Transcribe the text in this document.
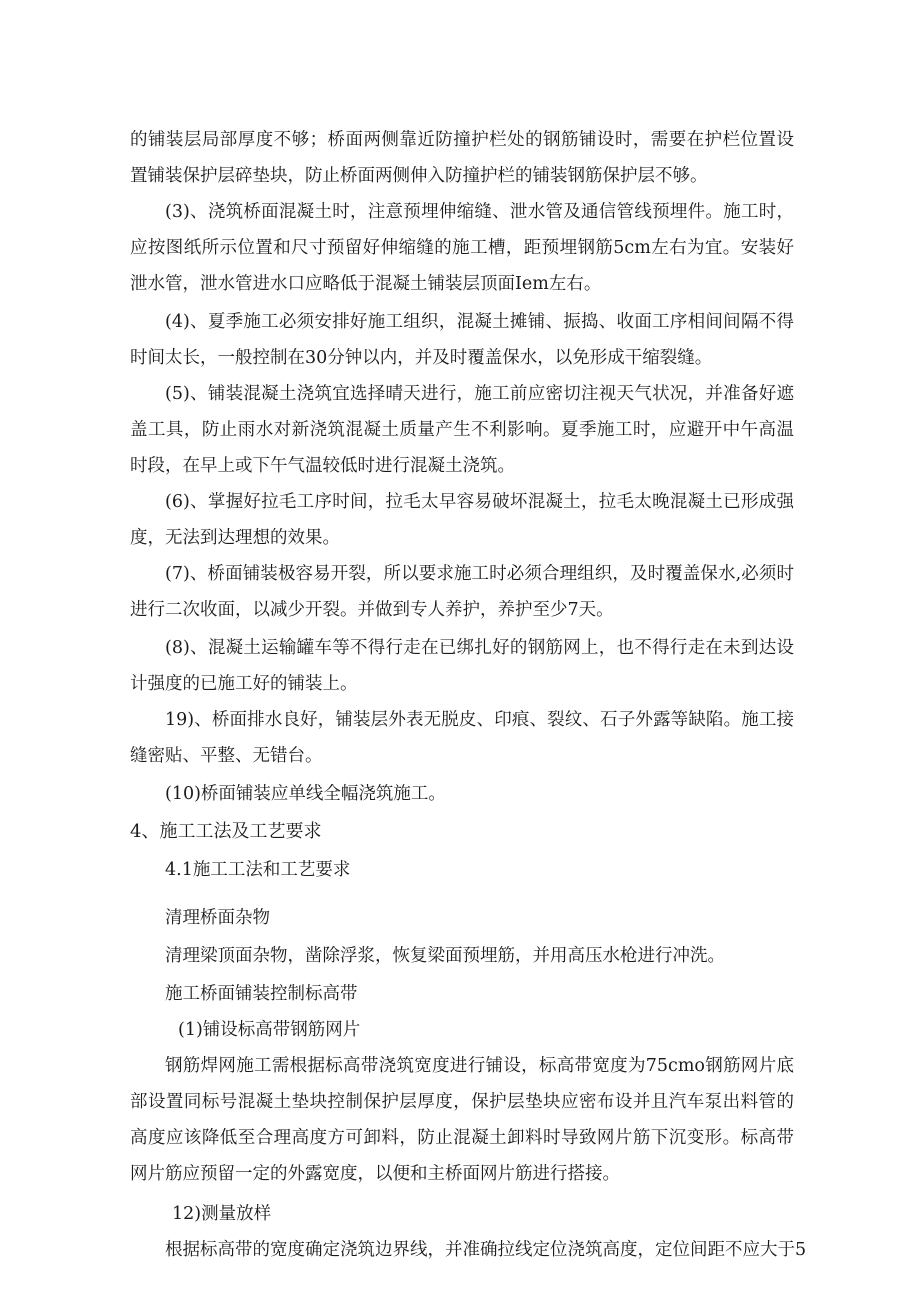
的铺装层局部厚度不够；桥面两侧靠近防撞护栏处的钢筋铺设时，需要在护栏位置设置铺装保护层碎垫块，防止桥面两侧伸入防撞护栏的铺装钢筋保护层不够。

(3)、浇筑桥面混凝土时，注意预埋伸缩缝、泄水管及通信管线预埋件。施工时，应按图纸所示位置和尺寸预留好伸缩缝的施工槽，距预埋钢筋5cm左右为宜。安装好泄水管，泄水管进水口应略低于混凝土铺装层顶面Iem左右。

(4)、夏季施工必须安排好施工组织，混凝土摊铺、振捣、收面工序相间间隔不得时间太长，一般控制在30分钟以内，并及时覆盖保水，以免形成干缩裂缝。

(5)、铺装混凝土浇筑宜选择晴天进行，施工前应密切注视天气状况，并准备好遮盖工具，防止雨水对新浇筑混凝土质量产生不利影响。夏季施工时，应避开中午高温时段，在早上或下午气温较低时进行混凝土浇筑。

(6)、掌握好拉毛工序时间，拉毛太早容易破坏混凝土，拉毛太晚混凝土已形成强度，无法到达理想的效果。

(7)、桥面铺装极容易开裂，所以要求施工时必须合理组织，及时覆盖保水,必须时进行二次收面，以减少开裂。并做到专人养护，养护至少7天。

(8)、混凝土运输罐车等不得行走在已绑扎好的钢筋网上，也不得行走在未到达设计强度的已施工好的铺装上。

19)、桥面排水良好，铺装层外表无脱皮、印痕、裂纹、石子外露等缺陷。施工接缝密贴、平整、无错台。

(10)桥面铺装应单线全幅浇筑施工。

4、施工工法及工艺要求

4.1施工工法和工艺要求

清理桥面杂物

清理梁顶面杂物，凿除浮浆，恢复梁面预埋筋，并用高压水枪进行冲洗。

施工桥面铺装控制标高带

(1)铺设标高带钢筋网片

钢筋焊网施工需根据标高带浇筑宽度进行铺设，标高带宽度为75cmo钢筋网片底部设置同标号混凝土垫块控制保护层厚度，保护层垫块应密布设并且汽车泵出料管的高度应该降低至合理高度方可卸料，防止混凝土卸料时导致网片筋下沉变形。标高带网片筋应预留一定的外露宽度，以便和主桥面网片筋进行搭接。

12)测量放样

根据标高带的宽度确定浇筑边界线，并准确拉线定位浇筑高度，定位间距不应大于5
